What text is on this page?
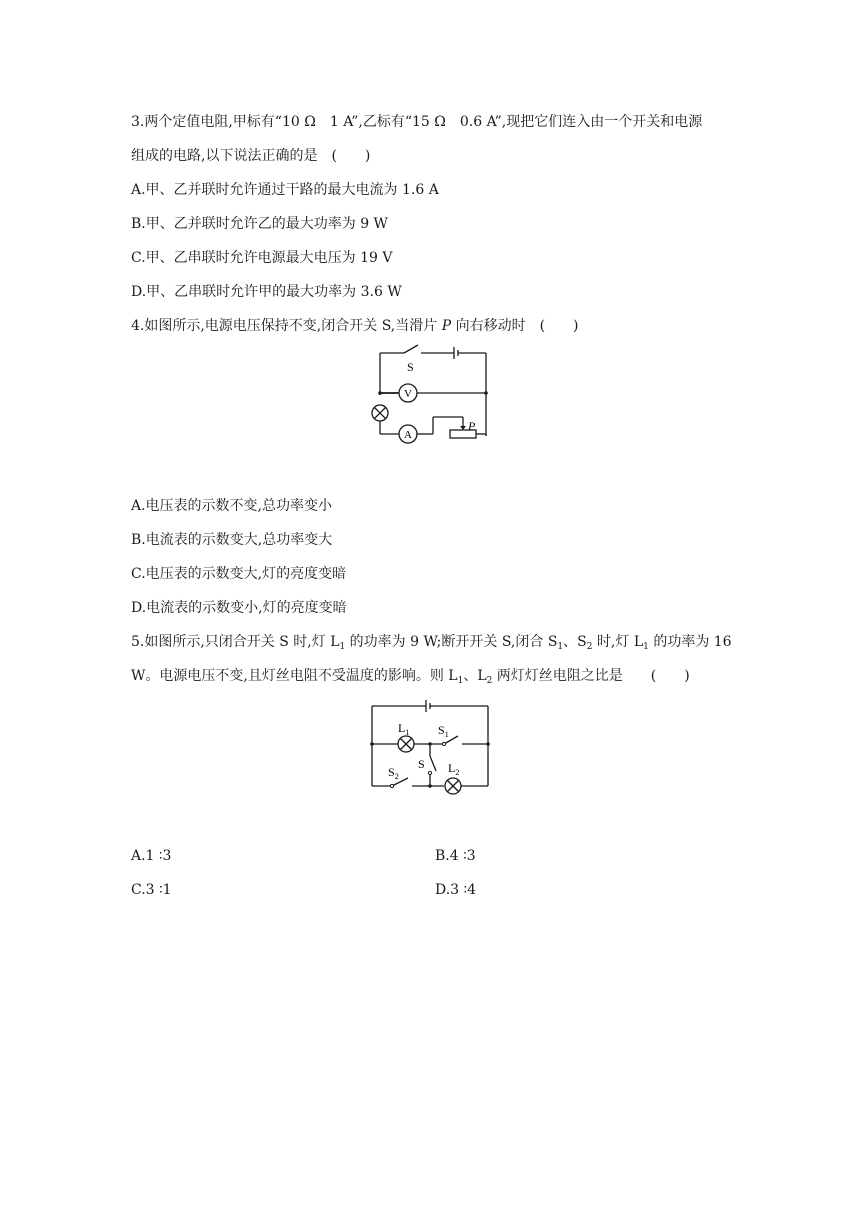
3.两个定值电阻,甲标有“10 Ω　1 A”,乙标有“15 Ω　0.6 A”,现把它们连入由一个开关和电源
组成的电路,以下说法正确的是　(　　)
A.甲、乙并联时允许通过干路的最大电流为 1.6 A
B.甲、乙并联时允许乙的最大功率为 9 W
C.甲、乙串联时允许电源最大电压为 19 V
D.甲、乙串联时允许甲的最大功率为 3.6 W
4.如图所示,电源电压保持不变,闭合开关 S,当滑片 P 向右移动时　(　　)
S
V
A
P
A.电压表的示数不变,总功率变小
B.电流表的示数变大,总功率变大
C.电压表的示数变大,灯的亮度变暗
D.电流表的示数变小,灯的亮度变暗
5.如图所示,只闭合开关 S 时,灯 $L_1$ 的功率为 9 W;断开开关 S,闭合 $S_1$、$S_2$ 时,灯 $L_1$ 的功率为 16
W。电源电压不变,且灯丝电阻不受温度的影响。则 $L_1$、$L_2$ 两灯灯丝电阻之比是　　(　　)
$L_1$ $S_1$
S
$S_2$
$L_2$
A.1 ∶3	B.4 ∶3
C.3 ∶1	D.3 ∶4
